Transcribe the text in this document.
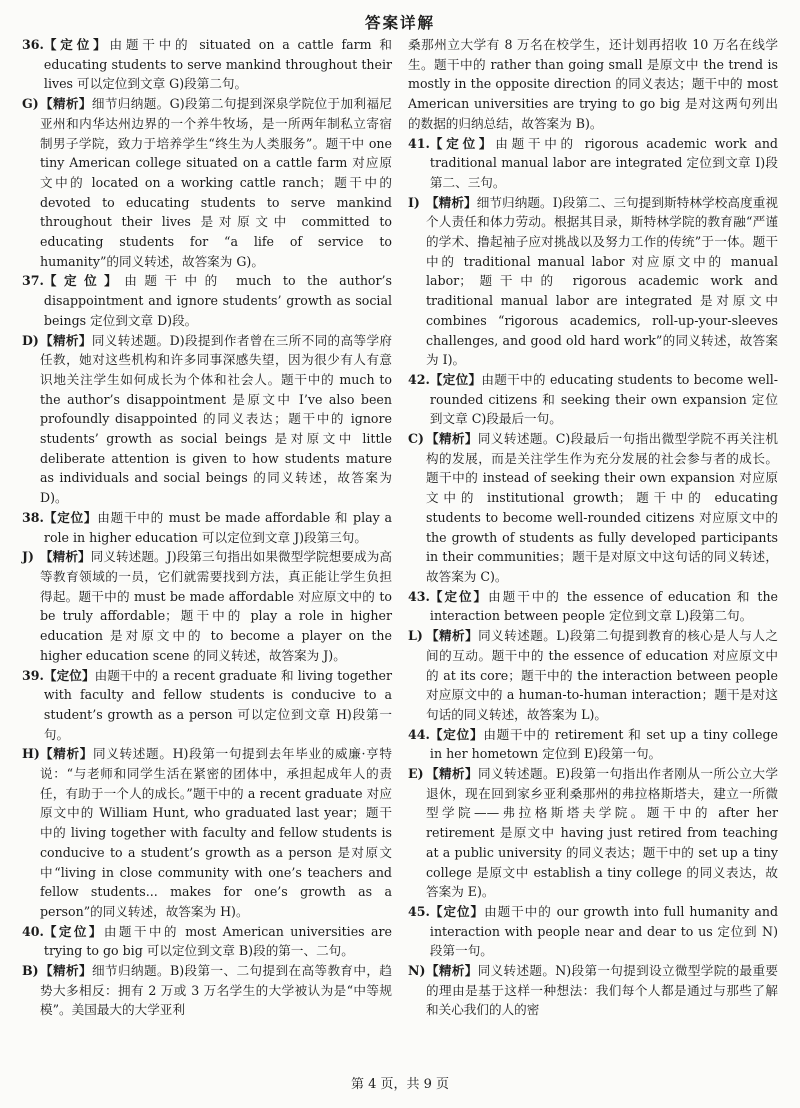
答案详解
36. 【定位】由题干中的 situated on a cattle farm 和 educating students to serve mankind throughout their lives 可以定位到文章 G)段第二句。
G) 【精析】细节归纳题。G)段第二句提到深泉学院位于加利福尼亚州和内华达州边界的一个养牛牧场，是一所两年制私立寄宿制男子学院，致力于培养学生“终生为人类服务”。题干中 one tiny American college situated on a cattle farm 对应原文中的 located on a working cattle ranch；题干中的 devoted to educating students to serve mankind throughout their lives 是对原文中 committed to educating students for “a life of service to humanity”的同义转述，故答案为 G)。
37. 【定位】由题干中的 much to the author’s disappointment and ignore students’ growth as social beings 定位到文章 D)段。
D) 【精析】同义转述题。D)段提到作者曾在三所不同的高等学府任教，她对这些机构和许多同事深感失望，因为很少有人有意识地关注学生如何成长为个体和社会人。题干中的 much to the author’s disappointment 是原文中 I’ve also been profoundly disappointed 的同义表达；题干中的 ignore students’ growth as social beings 是对原文中 little deliberate attention is given to how students mature as individuals and social beings 的同义转述，故答案为 D)。
38. 【定位】由题干中的 must be made affordable 和 play a role in higher education 可以定位到文章 J)段第三句。
J) 【精析】同义转述题。J)段第三句指出如果微型学院想要成为高等教育领域的一员，它们就需要找到方法，真正能让学生负担得起。题干中的 must be made affordable 对应原文中的 to be truly affordable；题干中的 play a role in higher education 是对原文中的 to become a player on the higher education scene 的同义转述，故答案为 J)。
39. 【定位】由题干中的 a recent graduate 和 living together with faculty and fellow students is conducive to a student’s growth as a person 可以定位到文章 H)段第一句。
H) 【精析】同义转述题。H)段第一句提到去年毕业的威廉·亨特说：“与老师和同学生活在紧密的团体中，承担起成年人的责任，有助于一个人的成长。”题干中的 a recent graduate 对应原文中的 William Hunt, who graduated last year；题干中的 living together with faculty and fellow students is conducive to a student’s growth as a person 是对原文中“living in close community with one’s teachers and fellow students... makes for one’s growth as a person”的同义转述，故答案为 H)。
40. 【定位】由题干中的 most American universities are trying to go big 可以定位到文章 B)段的第一、二句。
B) 【精析】细节归纳题。B)段第一、二句提到在高等教育中，趋势大多相反：拥有 2 万或 3 万名学生的大学被认为是“中等规模”。美国最大的大学亚利
桑那州立大学有 8 万名在校学生，还计划再招收 10 万名在线学生。题干中的 rather than going small 是原文中 the trend is mostly in the opposite direction 的同义表达；题干中的 most American universities are trying to go big 是对这两句列出的数据的归纳总结，故答案为 B)。
41. 【定位】由题干中的 rigorous academic work and traditional manual labor are integrated 定位到文章 I)段第二、三句。
I) 【精析】细节归纳题。I)段第二、三句提到斯特林学校高度重视个人责任和体力劳动。根据其目录，斯特林学院的教育融“严谨的学术、撸起袖子应对挑战以及努力工作的传统”于一体。题干中的 traditional manual labor 对应原文中的 manual labor；题干中的 rigorous academic work and traditional manual labor are integrated 是对原文中 combines “rigorous academics, roll-up-your-sleeves challenges, and good old hard work”的同义转述，故答案为 I)。
42. 【定位】由题干中的 educating students to become well-rounded citizens 和 seeking their own expansion 定位到文章 C)段最后一句。
C) 【精析】同义转述题。C)段最后一句指出微型学院不再关注机构的发展，而是关注学生作为充分发展的社会参与者的成长。题干中的 instead of seeking their own expansion 对应原文中的 institutional growth；题干中的 educating students to become well-rounded citizens 对应原文中的 the growth of students as fully developed participants in their communities；题干是对原文中这句话的同义转述，故答案为 C)。
43. 【定位】由题干中的 the essence of education 和 the interaction between people 定位到文章 L)段第二句。
L) 【精析】同义转述题。L)段第二句提到教育的核心是人与人之间的互动。题干中的 the essence of education 对应原文中的 at its core；题干中的 the interaction between people 对应原文中的 a human-to-human interaction；题干是对这句话的同义转述，故答案为 L)。
44. 【定位】由题干中的 retirement 和 set up a tiny college in her hometown 定位到 E)段第一句。
E) 【精析】同义转述题。E)段第一句指出作者刚从一所公立大学退休，现在回到家乡亚利桑那州的弗拉格斯塔夫，建立一所微型学院——弗拉格斯塔夫学院。题干中的 after her retirement 是原文中 having just retired from teaching at a public university 的同义表达；题干中的 set up a tiny college 是原文中 establish a tiny college 的同义表达，故答案为 E)。
45. 【定位】由题干中的 our growth into full humanity and interaction with people near and dear to us 定位到 N)段第一句。
N) 【精析】同义转述题。N)段第一句提到设立微型学院的最重要的理由是基于这样一种想法：我们每个人都是通过与那些了解和关心我们的人的密
第 4 页，共 9 页
